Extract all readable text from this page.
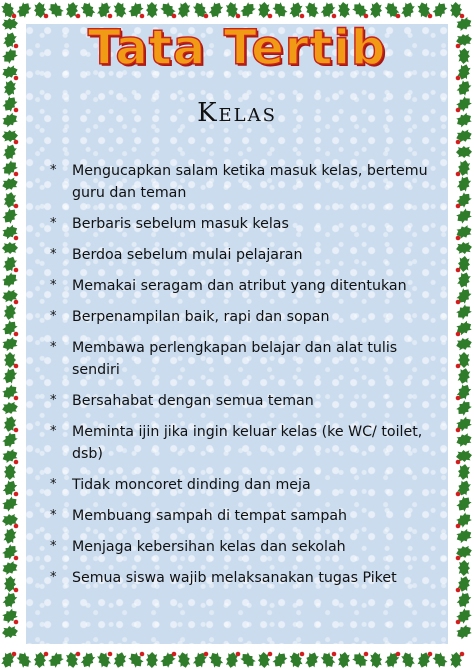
Tata Tertib
Kelas
*	Mengucapkan salam ketika masuk kelas, bertemu guru dan teman
*	Berbaris sebelum masuk kelas
*	Berdoa sebelum mulai pelajaran
*	Memakai seragam dan atribut yang ditentukan
*	Berpenampilan baik, rapi dan sopan
*	Membawa perlengkapan belajar dan alat tulis sendiri
*	Bersahabat dengan semua teman
*	Meminta ijin jika ingin keluar kelas (ke WC/ toilet, dsb)
*	Tidak moncoret dinding dan meja
*	Membuang sampah di tempat sampah
*	Menjaga kebersihan kelas dan sekolah
*	Semua siswa wajib melaksanakan tugas Piket
